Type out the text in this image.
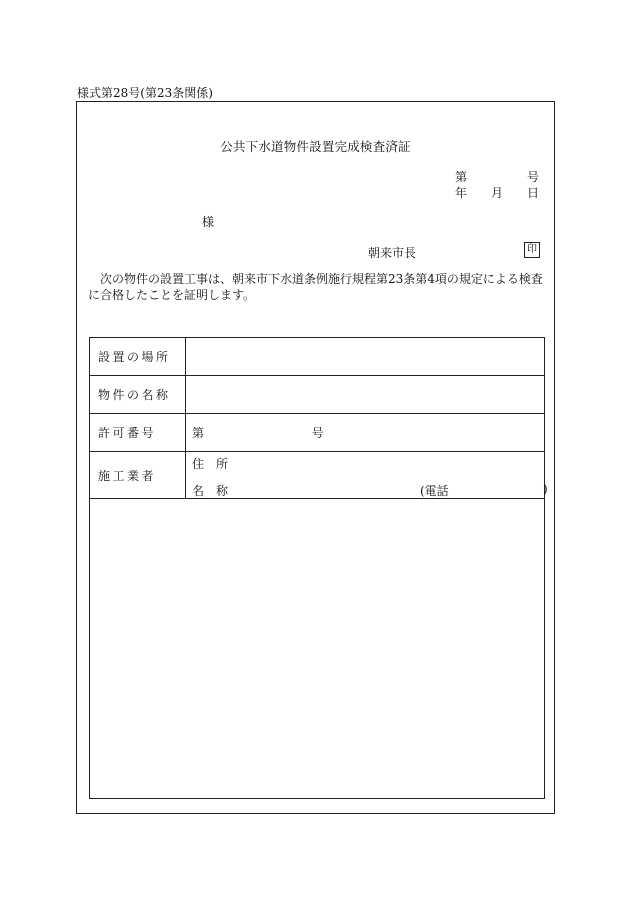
様式第28号(第23条関係)
公共下水道物件設置完成検査済証
第	号
年 月 日
様
朝来市長	印
次の物件の設置工事は、朝来市下水道条例施行規程第23条第4項の規定による検査に合格したことを証明します。
設置の場所	
物件の名称	
許可番号	第 号
施工業者	住　所
名　称 (電話 )
